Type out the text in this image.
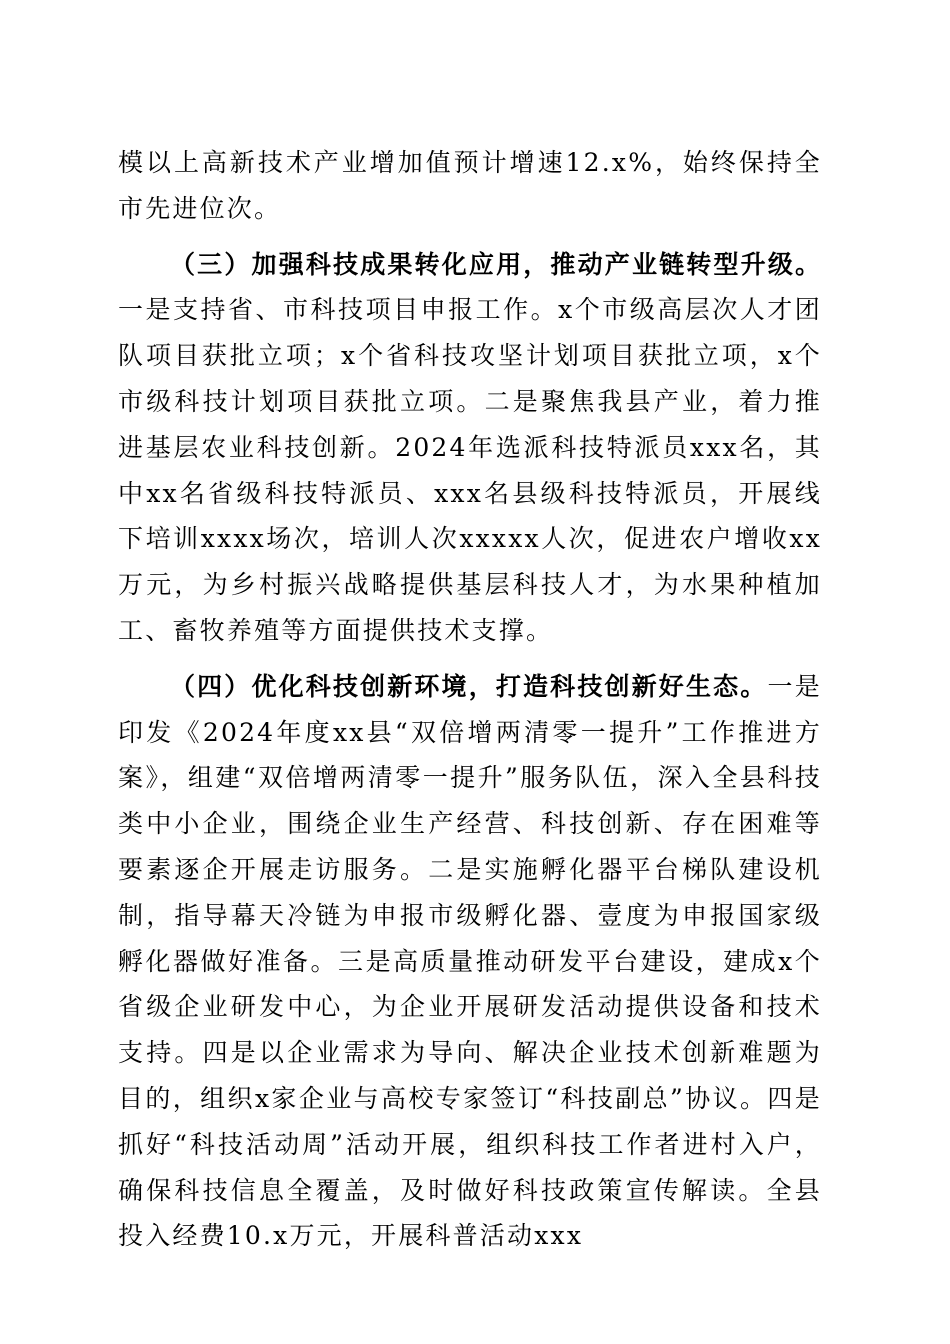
模以上高新技术产业增加值预计增速12.x%，始终保持全市先进位次。

（三）加强科技成果转化应用，推动产业链转型升级。一是支持省、市科技项目申报工作。x个市级高层次人才团队项目获批立项；x个省科技攻坚计划项目获批立项，x个市级科技计划项目获批立项。二是聚焦我县产业，着力推进基层农业科技创新。2024年选派科技特派员xxx名，其中xx名省级科技特派员、xxx名县级科技特派员，开展线下培训xxxx场次，培训人次xxxxx人次，促进农户增收xx万元，为乡村振兴战略提供基层科技人才，为水果种植加工、畜牧养殖等方面提供技术支撑。

（四）优化科技创新环境，打造科技创新好生态。一是印发《2024年度xx县“双倍增两清零一提升”工作推进方案》，组建“双倍增两清零一提升”服务队伍，深入全县科技类中小企业，围绕企业生产经营、科技创新、存在困难等要素逐企开展走访服务。二是实施孵化器平台梯队建设机制，指导幕天冷链为申报市级孵化器、壹度为申报国家级孵化器做好准备。三是高质量推动研发平台建设，建成x个省级企业研发中心，为企业开展研发活动提供设备和技术支持。四是以企业需求为导向、解决企业技术创新难题为目的，组织x家企业与高校专家签订“科技副总”协议。四是抓好“科技活动周”活动开展，组织科技工作者进村入户，确保科技信息全覆盖，及时做好科技政策宣传解读。全县投入经费10.x万元，开展科普活动xxx
